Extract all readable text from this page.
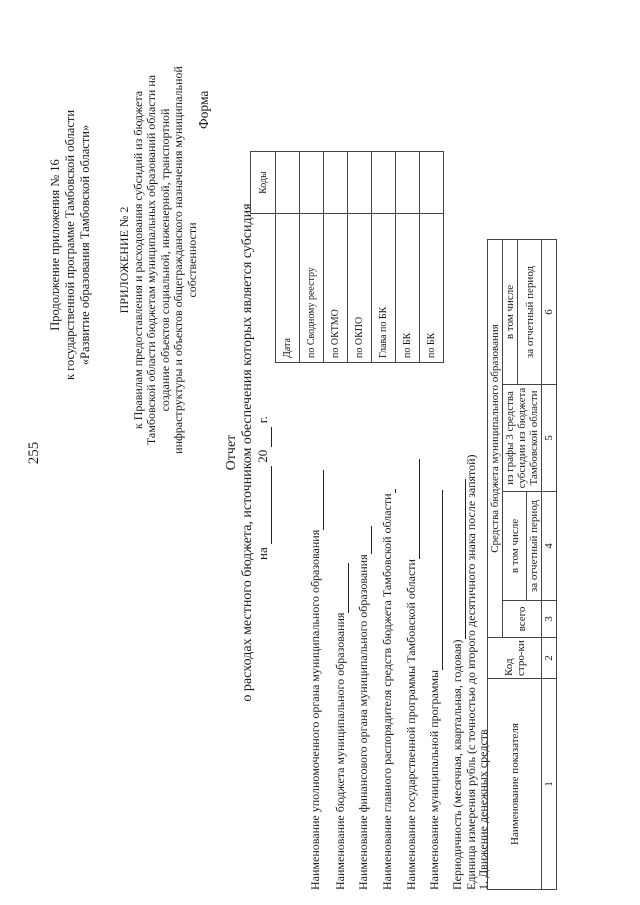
255
Продолжение приложения № 16 к государственной программе Тамбовской области «Развитие образования Тамбовской области» ПРИЛОЖЕНИЕ № 2 к Правилам предоставления и расходования субсидий из бюджета Тамбовской области бюджетам муниципальных образований области на создание объектов социальной, инженерной, транспортной инфраструктуры и объектов общегражданского назначения муниципальной собственности
Форма
Отчет о расходах местного бюджета, источником обеспечения которых является субсидия на   20   г.
	Коды
Дата	
по Сводному реестру	
по ОКТМО	
по ОКПО	
Глава по БК	
по БК	
по БК	
Наименование уполномоченного органа муниципального образования Наименование бюджета муниципального образования Наименование финансового органа муниципального образования Наименование главного распорядителя средств бюджета Тамбовской области Наименование государственной программы Тамбовской области Наименование муниципальной программы Периодичность (месячная, квартальная, годовая) Единица измерения рубль (с точностью до второго десятичного знака после запятой)
1. Движение денежных средств Наименование показателя	Код стро-ки	Средства бюджета муниципального образования			
		всего	в том числе	из графы 3 средства субсидии из бюджета Тамбовской области	в том числе
					за отчетный период
			за отчетный период		
1	2	3	4	5	6
